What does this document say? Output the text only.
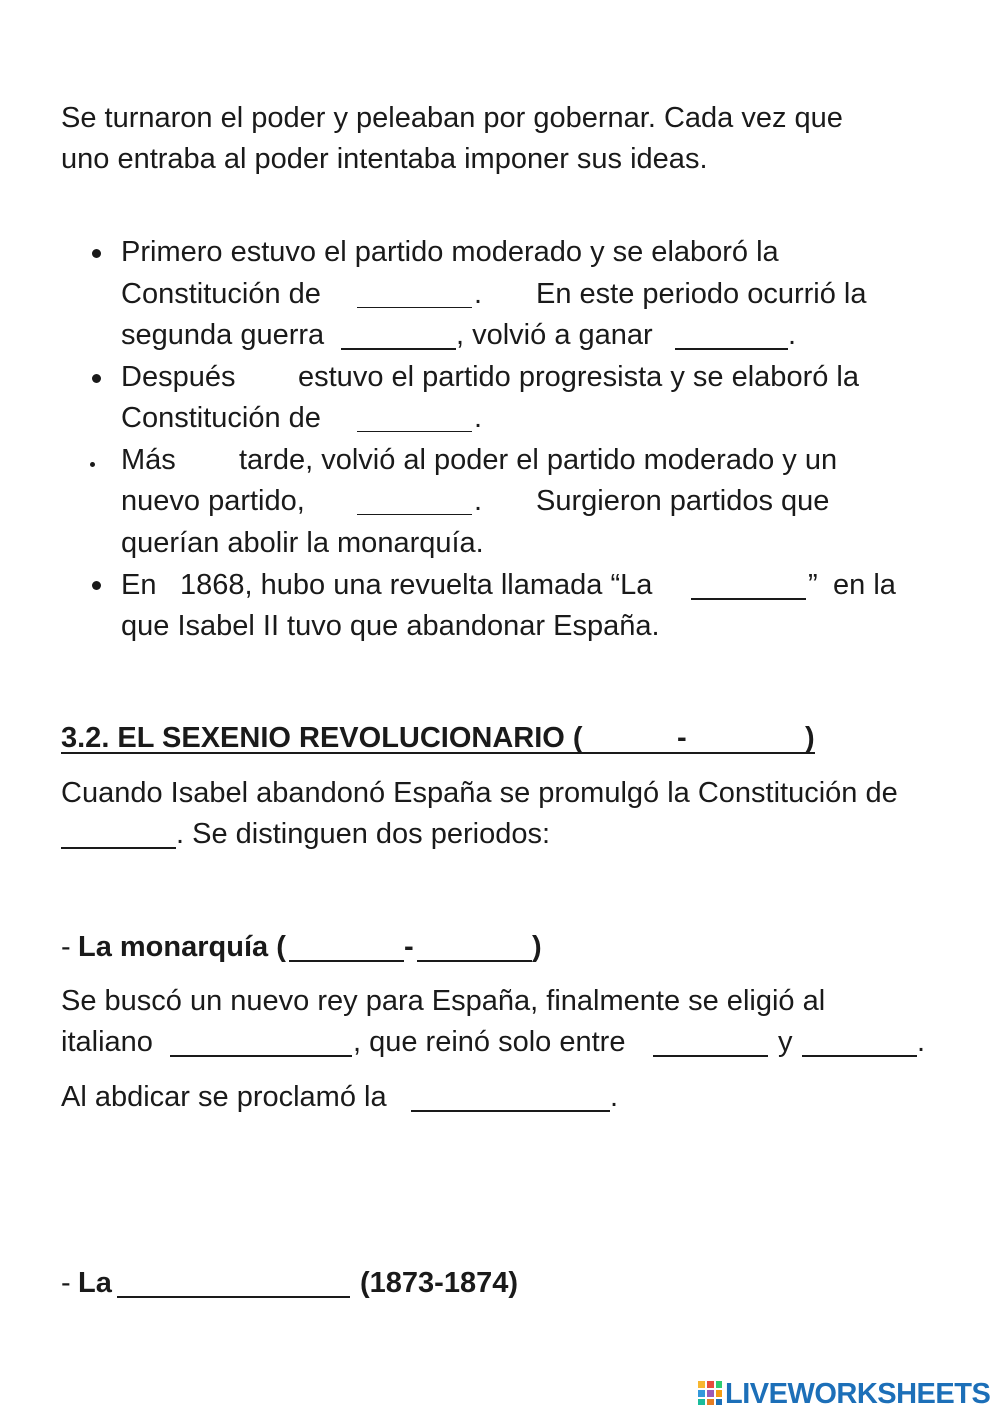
Se turnaron el poder y peleaban por gobernar. Cada vez que
uno entraba al poder intentaba imponer sus ideas.
Primero estuvo el partido moderado y se elaboró la
Constitución de	. En este periodo ocurrió la
segunda guerra	, volvió a ganar	.
Después estuvo el partido progresista y se elaboró la
Constitución de	.
Más tarde, volvió al poder el partido moderado y un
nuevo partido,	. Surgieron partidos que
querían abolir la monarquía.
En 1868, hubo una revuelta llamada “La	” en la
que Isabel II tuvo que abandonar España.
3.2. EL SEXENIO REVOLUCIONARIO (	-	)
Cuando Isabel abandonó España se promulgó la Constitución de
. Se distinguen dos periodos:
- La monarquía (	-	)
Se buscó un nuevo rey para España, finalmente se eligió al
italiano	, que reinó solo entre	y	.
Al abdicar se proclamó la	.
- La	(1873-1874)
LIVEWORKSHEETS
